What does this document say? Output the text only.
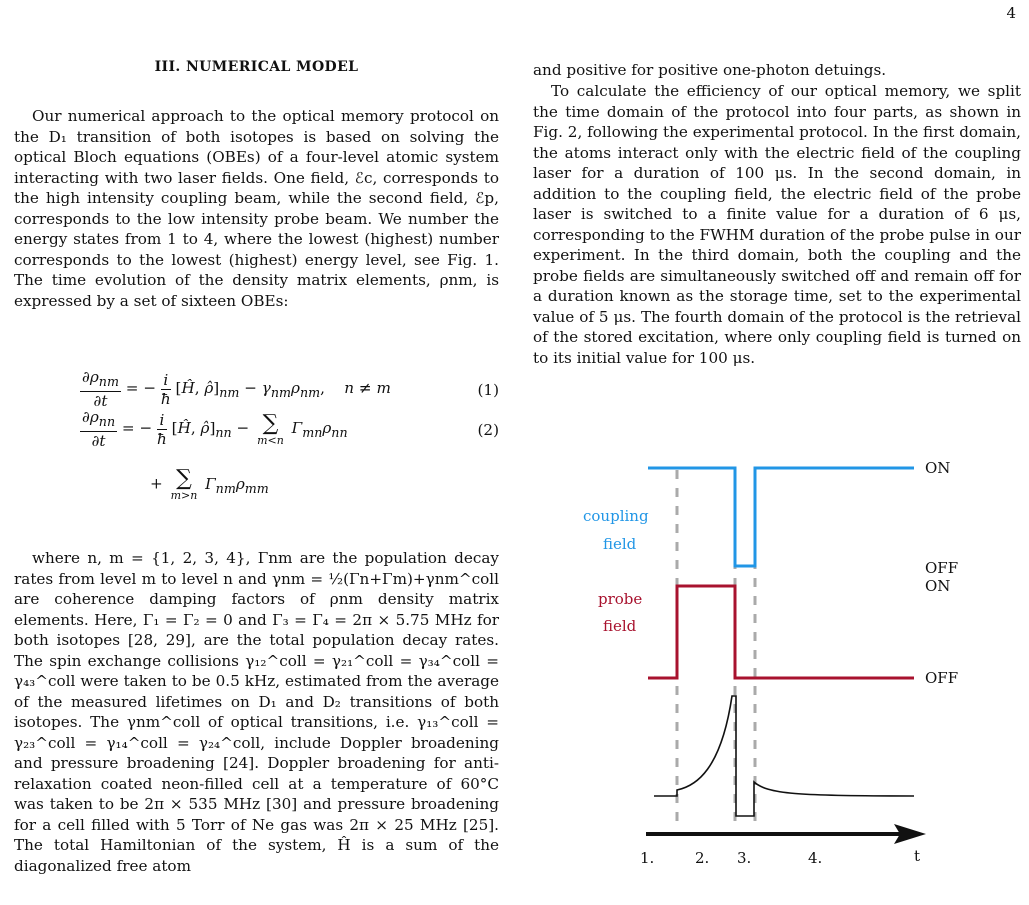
4
III. NUMERICAL MODEL

Our numerical approach to the optical memory protocol on the D₁ transition of both isotopes is based on solving the optical Bloch equations (OBEs) of a four-level atomic system interacting with two laser fields. One field, ℰc, corresponds to the high intensity coupling beam, while the second field, ℰp, corresponds to the low intensity probe beam. We number the energy states from 1 to 4, where the lowest (highest) number corresponds to the lowest (highest) energy level, see Fig. 1. The time evolution of the density matrix elements, ρnm, is expressed by a set of sixteen OBEs:

$\frac{\partial\rho_{nm}}{\partial t}$ = − $\frac{i}{ħ}$ [Ĥ, $\rhô]_{nm} - \gamma_{nm}\rho_{nm}$,    n ≠ m	(1)
$\frac{\partial\rho_{nn}}{\partial t}$ = − $\frac{i}{ħ}$ [Ĥ, $\rhô]_{nn}$ − ∑
m<n
$\Gamma_{mn}\rho_{nn}$	(2)
+ ∑
m>n
$\Gamma_{nm}\rho_{mm}$

where n, m = {1, 2, 3, 4}, Γnm are the population decay rates from level m to level n and γnm = ½(Γn+Γm)+γnm^coll are coherence damping factors of ρnm density matrix elements. Here, Γ₁ = Γ₂ = 0 and Γ₃ = Γ₄ = 2π × 5.75 MHz for both isotopes [28, 29], are the total population decay rates. The spin exchange collisions γ₁₂^coll = γ₂₁^coll = γ₃₄^coll = γ₄₃^coll were taken to be 0.5 kHz, estimated from the average of the measured lifetimes on D₁ and D₂ transitions of both isotopes. The γnm^coll of optical transitions, i.e. γ₁₃^coll = γ₂₃^coll = γ₁₄^coll = γ₂₄^coll, include Doppler broadening and pressure broadening [24]. Doppler broadening for anti-relaxation coated neon-filled cell at a temperature of 60°C was taken to be 2π × 535 MHz [30] and pressure broadening for a cell filled with 5 Torr of Ne gas was 2π × 25 MHz [25]. The total Hamiltonian of the system, Ĥ is a sum of the diagonalized free atom

and positive for positive one-photon detuings.

To calculate the efficiency of our optical memory, we split the time domain of the protocol into four parts, as shown in Fig. 2, following the experimental protocol. In the first domain, the atoms interact only with the electric field of the coupling laser for a duration of 100 μs. In the second domain, in addition to the coupling field, the electric field of the probe laser is switched to a finite value for a duration of 6 μs, corresponding to the FWHM duration of the probe pulse in our experiment. In the third domain, both the coupling and the probe fields are simultaneously switched off and remain off for a duration known as the storage time, set to the experimental value of 5 μs. The fourth domain of the protocol is the retrieval of the stored excitation, where only coupling field is turned on to its initial value for 100 μs.

coupling
field
probe
field
ON
OFF
ON
OFF
1.	2. 3.	4.	t
